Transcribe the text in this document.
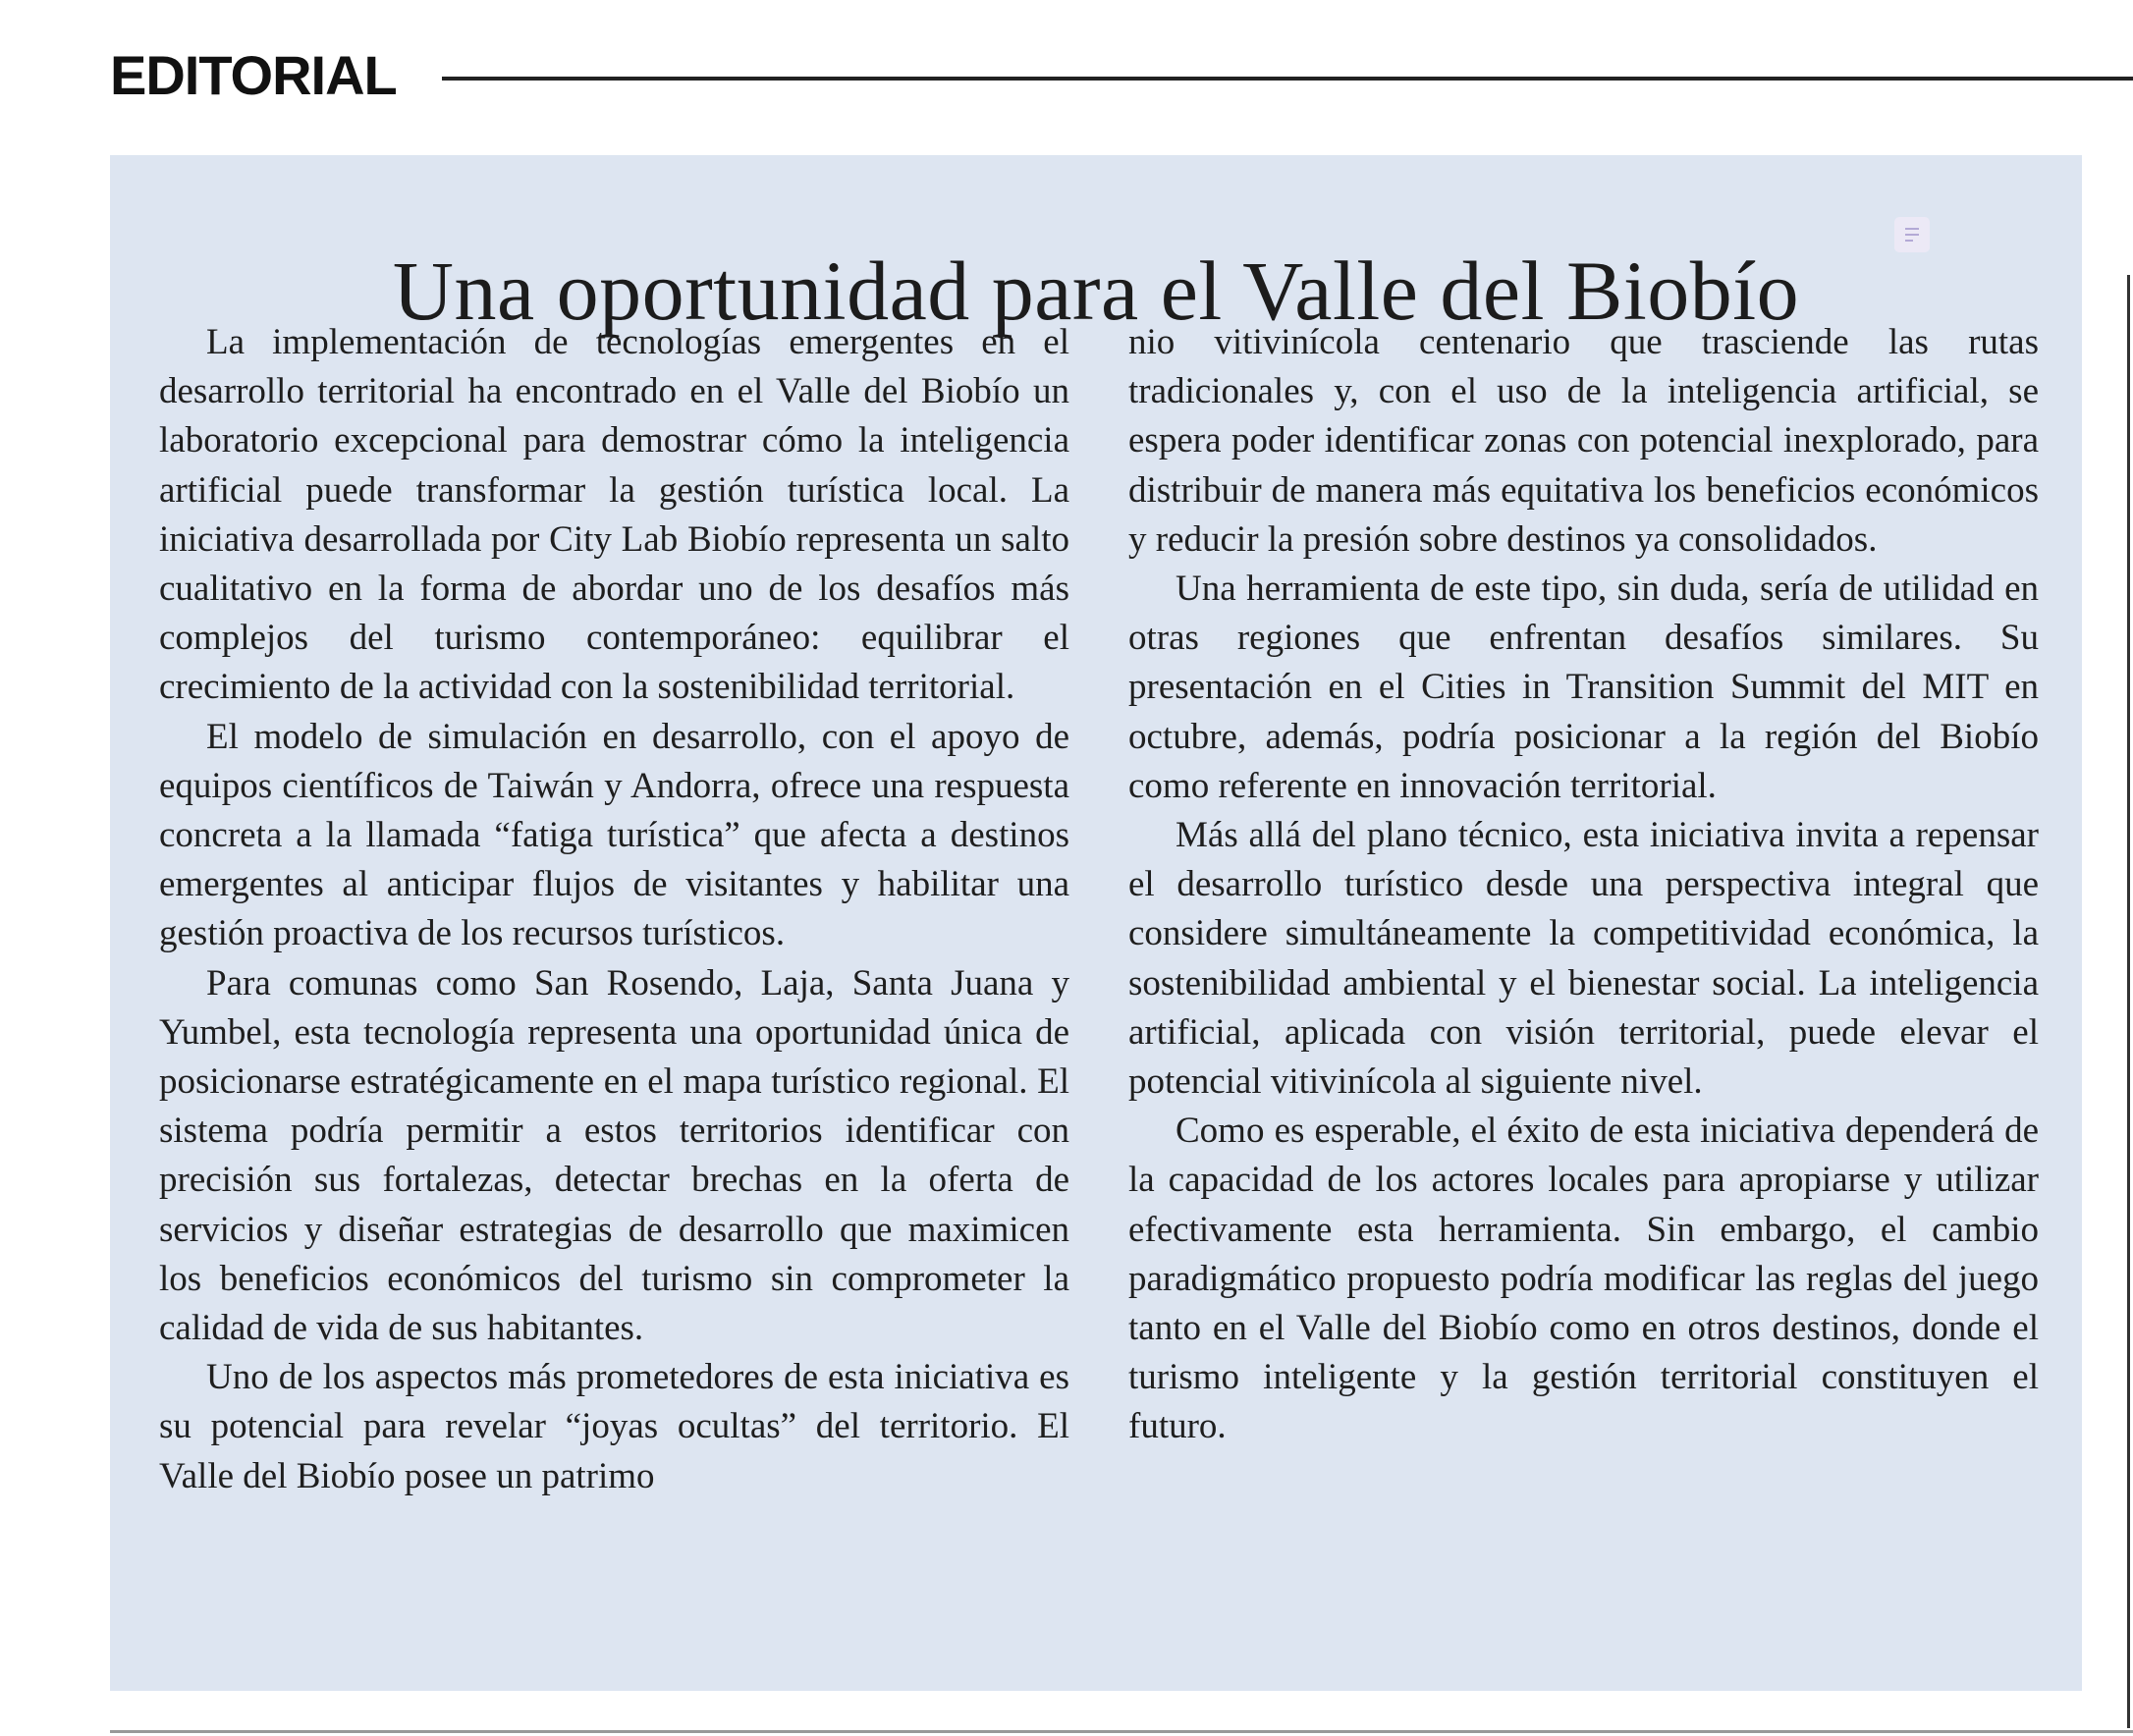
EDITORIAL
Una oportunidad para el Valle del Biobío

La implementación de tecnologías emergentes en el desarrollo territorial ha encontrado en el Valle del Biobío un laboratorio excepcional para demostrar cómo la inteligencia artificial puede transformar la gestión turística local. La iniciativa desarrollada por City Lab Biobío representa un salto cualitativo en la forma de abordar uno de los desafíos más complejos del turismo contemporáneo: equilibrar el crecimiento de la actividad con la sostenibilidad territorial.

El modelo de simulación en desarrollo, con el apoyo de equipos científicos de Taiwán y Andorra, ofrece una respuesta concreta a la llamada “fatiga turística” que afecta a destinos emergentes al anticipar flujos de visitantes y habilitar una gestión proactiva de los recursos turísticos.

Para comunas como San Rosendo, Laja, Santa Juana y Yumbel, esta tecnología representa una oportunidad única de posicionarse estratégicamente en el mapa turístico regional. El sistema podría permitir a estos territorios identificar con precisión sus fortalezas, detectar brechas en la oferta de servicios y diseñar estrategias de desarrollo que maximicen los beneficios económicos del turismo sin comprometer la calidad de vida de sus habitantes.

Uno de los aspectos más prometedores de esta iniciativa es su potencial para revelar “joyas ocultas” del territorio. El Valle del Biobío posee un patrimo

nio vitivinícola centenario que trasciende las rutas tradicionales y, con el uso de la inteligencia artificial, se espera poder identificar zonas con potencial inexplorado, para distribuir de manera más equitativa los beneficios económicos y reducir la presión sobre destinos ya consolidados.

Una herramienta de este tipo, sin duda, sería de utilidad en otras regiones que enfrentan desafíos similares. Su presentación en el Cities in Transition Summit del MIT en octubre, además, podría posicionar a la región del Biobío como referente en innovación territorial.

Más allá del plano técnico, esta iniciativa invita a repensar el desarrollo turístico desde una perspectiva integral que considere simultáneamente la competitividad económica, la sostenibilidad ambiental y el bienestar social. La inteligencia artificial, aplicada con visión territorial, puede elevar el potencial vitivinícola al siguiente nivel.

Como es esperable, el éxito de esta iniciativa dependerá de la capacidad de los actores locales para apropiarse y utilizar efectivamente esta herramienta. Sin embargo, el cambio paradigmático propuesto podría modificar las reglas del juego tanto en el Valle del Biobío como en otros destinos, donde el turismo inteligente y la gestión territorial constituyen el futuro.
